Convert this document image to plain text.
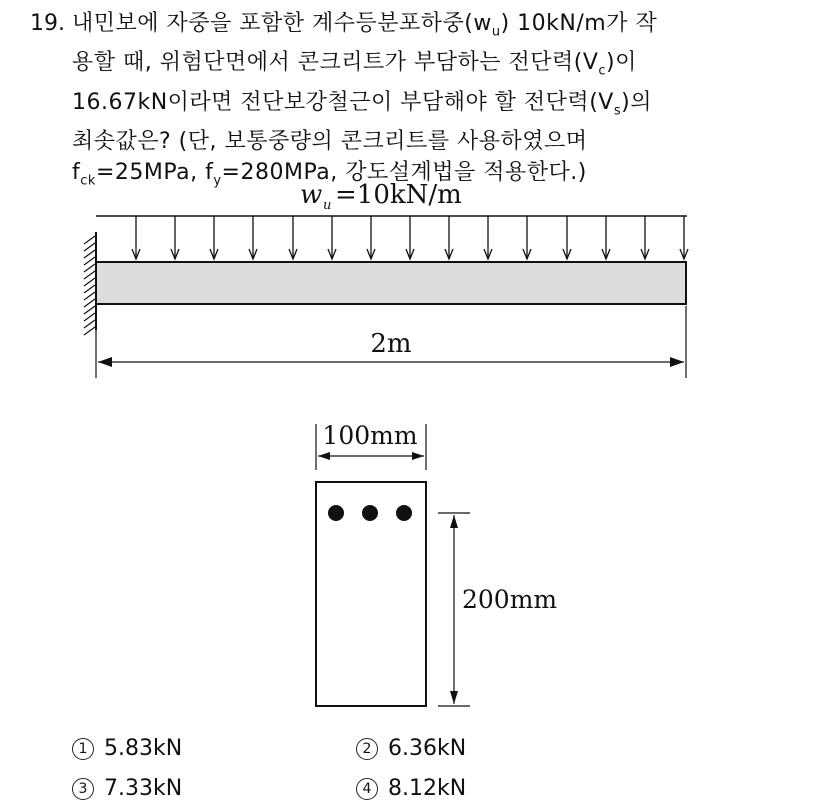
19. 내민보에 자중을 포함한 계수등분포하중$(w_u)$ 10kN/m가 작
용할 때, 위험단면에서 콘크리트가 부담하는 전단력$(V_c)$이
16.67kN이라면 전단보강철근이 부담해야 할 전단력$(V_s)$의
최솟값은? (단, 보통중량의 콘크리트를 사용하였으며
$f_{ck}=25MPa$, $f_y=280MPa$, 강도설계법을 적용한다.)
w u =10kN/m
2m
100mm
200mm
1 5.83kN	2 6.36kN
3 7.33kN	4 8.12kN
